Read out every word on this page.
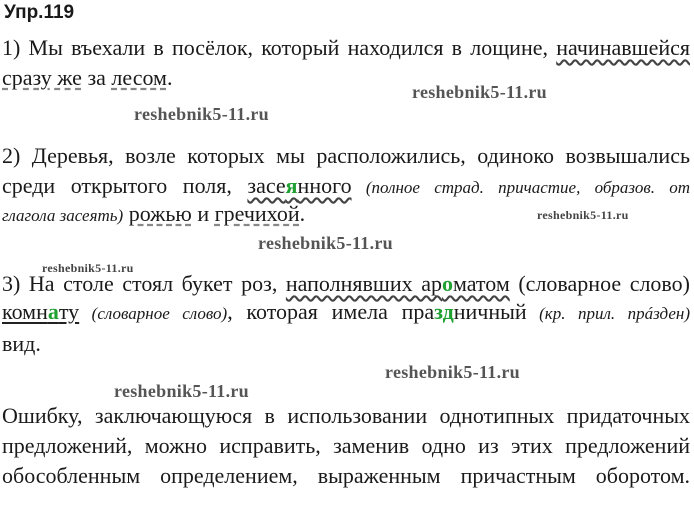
Упр.119
1) Мы въехали в посёлок, который находился в лощине, начинавшейся
сразу же за лесом.
2) Деревья, возле которых мы расположились, одиноко возвышались
среди открытого поля, засеянного (полное страд. причастие, образов. от
глагола засеять) рожью и гречихой.
3) На столе стоял букет роз, наполнявших ароматом (словарное слово)
комнату (словарное слово), которая имела праздничный (кр. прил. прáзден)
вид.
Ошибку, заключающуюся в использовании однотипных придаточных
предложений, можно исправить, заменив одно из этих предложений
обособленным определением, выраженным причастным оборотом.
reshebnik5-11.ru
reshebnik5-11.ru
reshebnik5-11.ru
reshebnik5-11.ru
reshebnik5-11.ru
reshebnik5-11.ru
reshebnik5-11.ru
